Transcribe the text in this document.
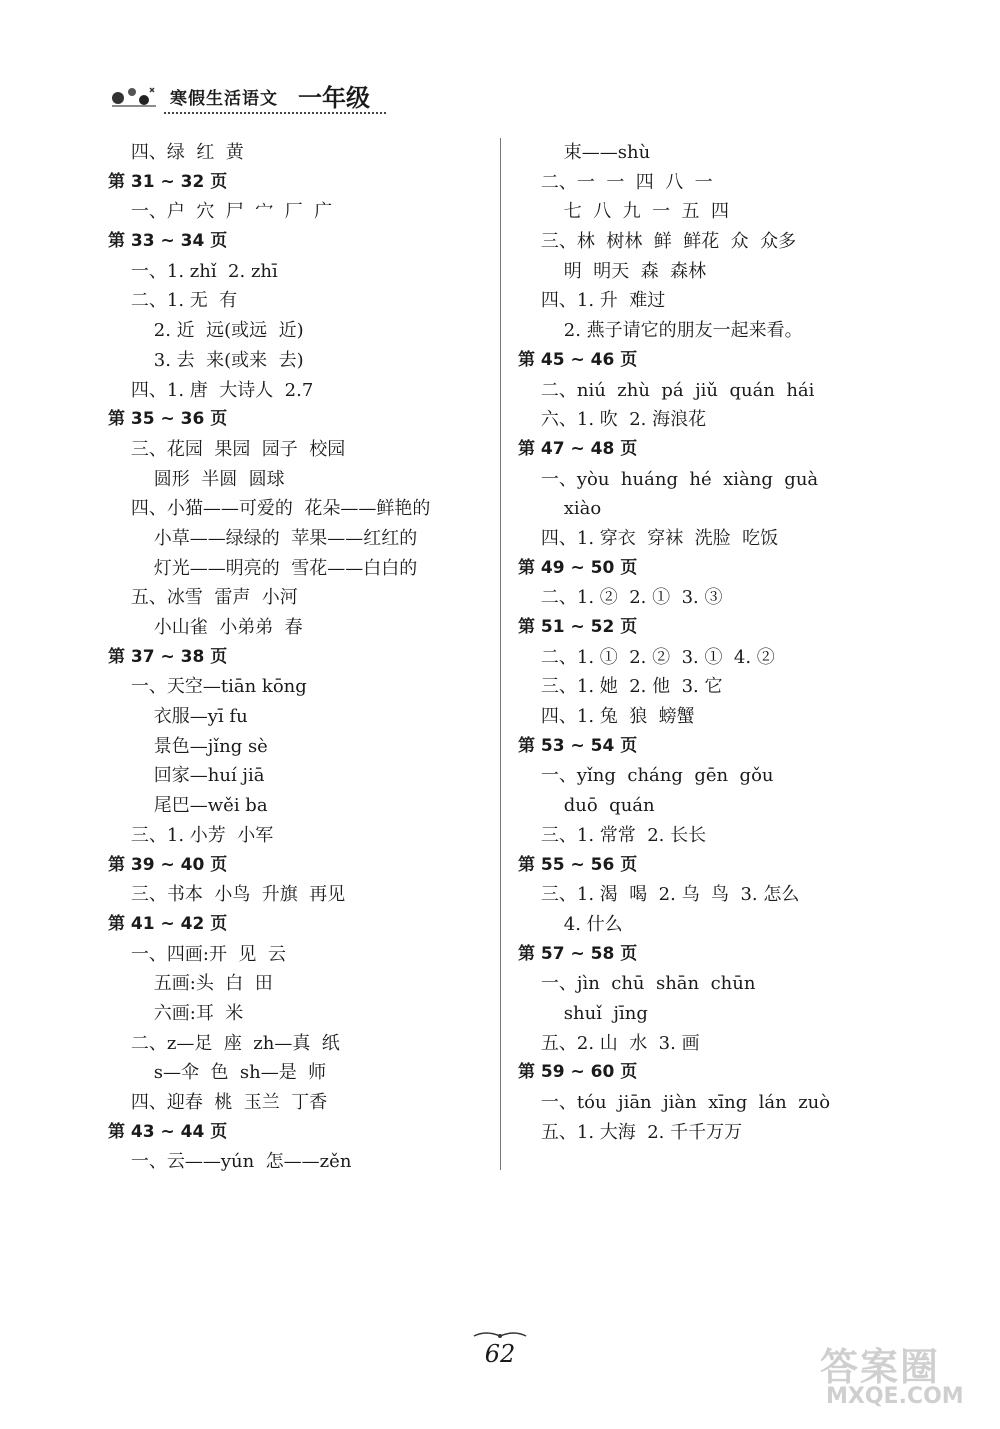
寒假生活语文 一年级
四、绿  红  黄
第 31 ~ 32 页
一、户  穴  尸  宀  厂  广
第 33 ~ 34 页
一、1. zhǐ  2. zhī
二、1. 无  有
2. 近  远(或远  近)
3. 去  来(或来  去)
四、1. 唐  大诗人  2.7
第 35 ~ 36 页
三、花园  果园  园子  校园
圆形  半圆  圆球
四、小猫——可爱的  花朵——鲜艳的
小草——绿绿的  苹果——红红的
灯光——明亮的  雪花——白白的
五、冰雪  雷声  小河
小山雀  小弟弟  春
第 37 ~ 38 页
一、天空—tiān kōng
衣服—yī fu
景色—jǐng sè
回家—huí jiā
尾巴—wěi ba
三、1. 小芳  小军
第 39 ~ 40 页
三、书本  小鸟  升旗  再见
第 41 ~ 42 页
一、四画:开  见  云
五画:头  白  田
六画:耳  米
二、z—足  座  zh—真  纸
s—伞  色  sh—是  师
四、迎春  桃  玉兰  丁香
第 43 ~ 44 页
一、云——yún  怎——zěn
束——shù
二、一  一  四  八  一
七  八  九  一  五  四
三、林  树林  鲜  鲜花  众  众多
明  明天  森  森林
四、1. 升  难过
2. 燕子请它的朋友一起来看。
第 45 ~ 46 页
二、niú  zhù  pá  jiǔ  quán  hái
六、1. 吹  2. 海浪花
第 47 ~ 48 页
一、yòu  huáng  hé  xiàng  guà
xiào
四、1. 穿衣  穿袜  洗脸  吃饭
第 49 ~ 50 页
二、1. ②  2. ①  3. ③
第 51 ~ 52 页
二、1. ①  2. ②  3. ①  4. ②
三、1. 她  2. 他  3. 它
四、1. 兔  狼  螃蟹
第 53 ~ 54 页
一、yǐng  cháng  gēn  gǒu
duō  quán
三、1. 常常  2. 长长
第 55 ~ 56 页
三、1. 渴  喝  2. 乌  鸟  3. 怎么
4. 什么
第 57 ~ 58 页
一、jìn  chū  shān  chūn
shuǐ  jīng
五、2. 山  水  3. 画
第 59 ~ 60 页
一、tóu  jiān  jiàn  xīng  lán  zuò
五、1. 大海  2. 千千万万
62	答案圈
MXQE.COM
